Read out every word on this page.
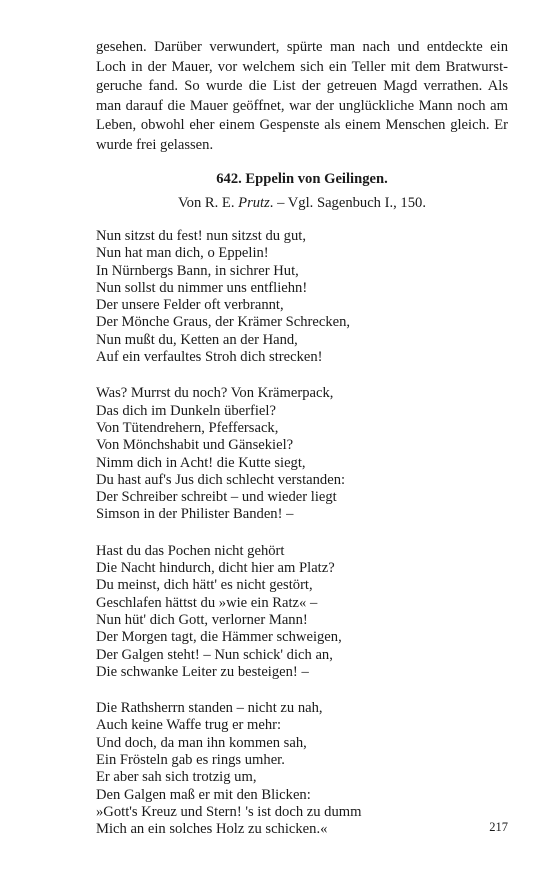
gesehen. Darüber verwundert, spürte man nach und entdeckte ein Loch in der Mauer, vor welchem sich ein Teller mit dem Bratwurst- geruche fand. So wurde die List der getreuen Magd verrathen. Als man darauf die Mauer geöffnet, war der unglückliche Mann noch am Leben, obwohl eher einem Gespenste als einem Menschen gleich. Er wurde frei gelassen.
642. Eppelin von Geilingen.
Von R. E. Prutz. – Vgl. Sagenbuch I., 150.
Nun sitzst du fest! nun sitzst du gut,
Nun hat man dich, o Eppelin!
In Nürnbergs Bann, in sichrer Hut,
Nun sollst du nimmer uns entfliehn!
Der unsere Felder oft verbrannt,
Der Mönche Graus, der Krämer Schrecken,
Nun mußt du, Ketten an der Hand,
Auf ein verfaultes Stroh dich strecken!
Was? Murrst du noch? Von Krämerpack,
Das dich im Dunkeln überfiel?
Von Tütendrehern, Pfeffersack,
Von Mönchshabit und Gänsekiel?
Nimm dich in Acht! die Kutte siegt,
Du hast auf's Jus dich schlecht verstanden:
Der Schreiber schreibt – und wieder liegt
Simson in der Philister Banden! –
Hast du das Pochen nicht gehört
Die Nacht hindurch, dicht hier am Platz?
Du meinst, dich hätt' es nicht gestört,
Geschlafen hättst du »wie ein Ratz« –
Nun hüt' dich Gott, verlorner Mann!
Der Morgen tagt, die Hämmer schweigen,
Der Galgen steht! – Nun schick' dich an,
Die schwanke Leiter zu besteigen! –
Die Rathsherrn standen – nicht zu nah,
Auch keine Waffe trug er mehr:
Und doch, da man ihn kommen sah,
Ein Frösteln gab es rings umher.
Er aber sah sich trotzig um,
Den Galgen maß er mit den Blicken:
»Gott's Kreuz und Stern! 's ist doch zu dumm
Mich an ein solches Holz zu schicken.«	217
